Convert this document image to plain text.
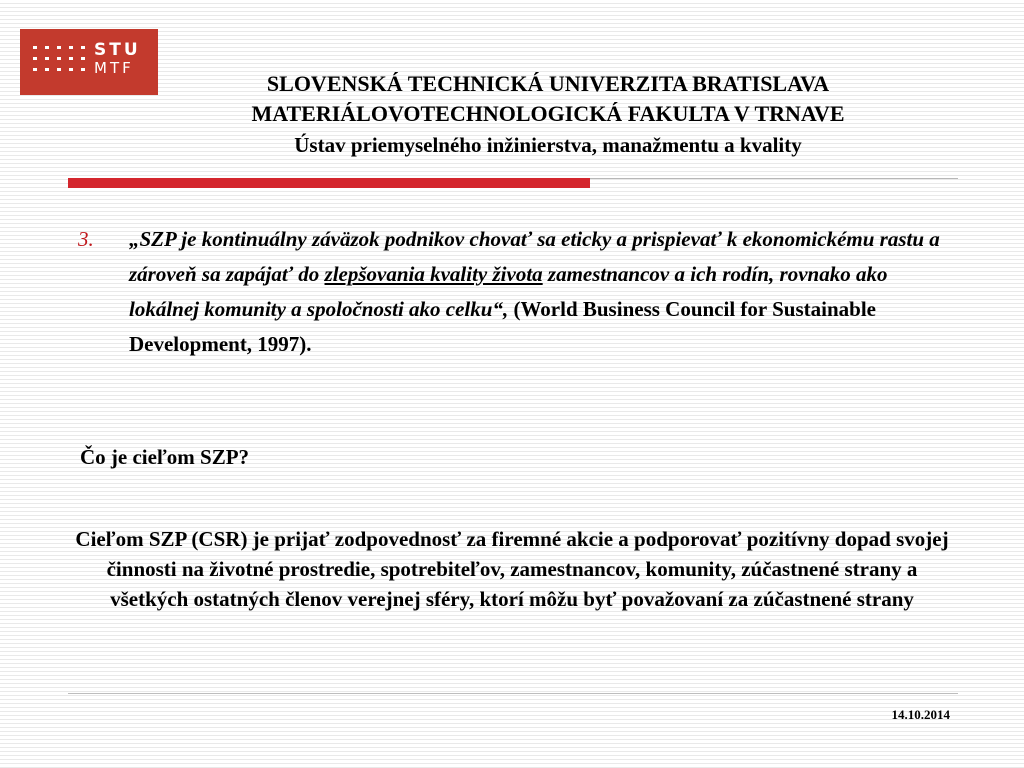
STU
MTF
SLOVENSKÁ TECHNICKÁ UNIVERZITA BRATISLAVA
MATERIÁLOVOTECHNOLOGICKÁ FAKULTA V TRNAVE
Ústav priemyselného inžinierstva, manažmentu a kvality
3. „SZP je kontinuálny záväzok podnikov chovať sa eticky a prispievať k ekonomickému rastu a zároveň sa zapájať do zlepšovania kvality života zamestnancov a ich rodín, rovnako ako lokálnej komunity a spoločnosti ako celku“, (World Business Council for Sustainable Development, 1997).
Čo je cieľom SZP?
Cieľom SZP (CSR) je prijať zodpovednosť za firemné akcie a podporovať pozitívny dopad svojej činnosti na životné prostredie, spotrebiteľov, zamestnancov, komunity, zúčastnené strany a všetkých ostatných členov verejnej sféry, ktorí môžu byť považovaní za zúčastnené strany
14.10.2014
